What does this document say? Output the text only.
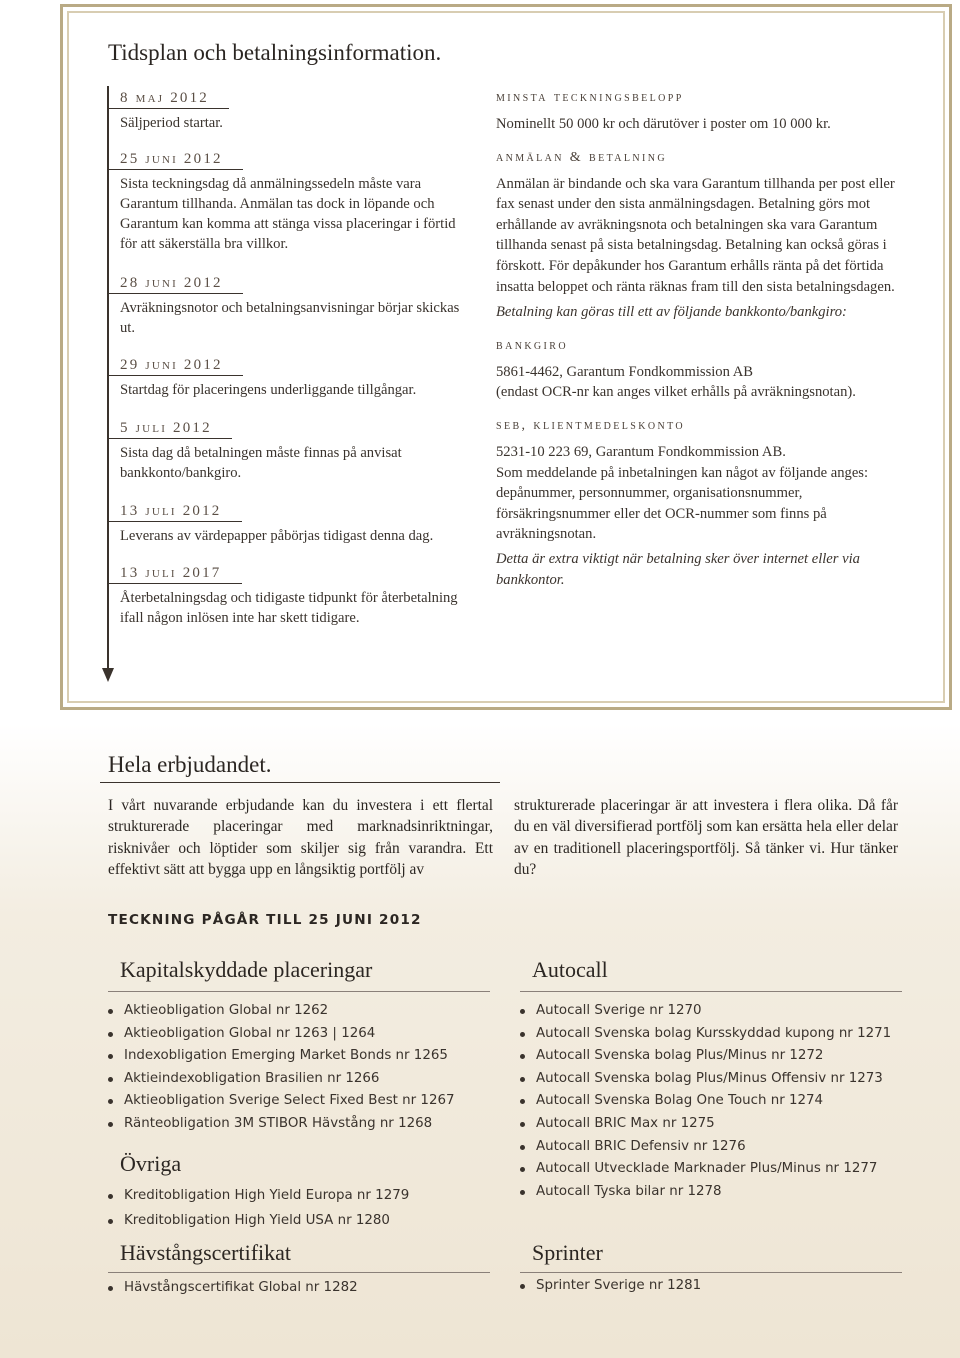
Tidsplan och betalningsinformation.
8 maj 2012
Säljperiod startar.
25 juni 2012
Sista teckningsdag då anmälningssedeln måste vara Garantum tillhanda. Anmälan tas dock in löpande och Garantum kan komma att stänga vissa placeringar i förtid för att säkerställa bra villkor.
28 juni 2012
Avräkningsnotor och betalningsanvisningar börjar skickas ut.
29 juni 2012
Startdag för placeringens underliggande tillgångar.
5 juli 2012
Sista dag då betalningen måste finnas på anvisat bankkonto/bankgiro.
13 juli 2012
Leverans av värdepapper påbörjas tidigast denna dag.
13 juli 2017
Återbetalningsdag och tidigaste tidpunkt för återbetalning ifall någon inlösen inte har skett tidigare.
minsta teckningsbelopp
Nominellt 50 000 kr och därutöver i poster om 10 000 kr.
anmälan & betalning
Anmälan är bindande och ska vara Garantum tillhanda per post eller fax senast under den sista anmälningsdagen. Betalning görs mot erhållande av avräkningsnota och betalningen ska vara Garantum tillhanda senast på sista betalningsdag. Betalning kan också göras i förskott. För depåkunder hos Garantum erhålls ränta på det förtida insatta beloppet och ränta räknas fram till den sista betalningsdagen.
Betalning kan göras till ett av följande bankkonto/bankgiro:
bankgiro
5861-4462, Garantum Fondkommission AB
(endast OCR-nr kan anges vilket erhålls på avräkningsnotan).
seb, klientmedelskonto
5231-10 223 69, Garantum Fondkommission AB.
Som meddelande på inbetalningen kan något av följande anges: depånummer, personnummer, organisationsnummer, försäkringsnummer eller det OCR-nummer som finns på avräkningsnotan.
Detta är extra viktigt när betalning sker över internet eller via bankkontor.
Hela erbjudandet.
I vårt nuvarande erbjudande kan du investera i ett flertal strukturerade placeringar med marknadsinriktningar, risknivåer och löptider som skiljer sig från varandra. Ett effektivt sätt att bygga upp en långsiktig portfölj av
strukturerade placeringar är att investera i flera olika. Då får du en väl diversifierad portfölj som kan ersätta hela eller delar av en traditionell placeringsportfölj. Så tänker vi. Hur tänker du?
TECKNING PÅGÅR TILL 25 JUNI 2012
Kapitalskyddade placeringar
Aktieobligation Global nr 1262
Aktieobligation Global nr 1263 | 1264
Indexobligation Emerging Market Bonds nr 1265
Aktieindexobligation Brasilien nr 1266
Aktieobligation Sverige Select Fixed Best nr 1267
Ränteobligation 3M STIBOR Hävstång nr 1268
Övriga
Kreditobligation High Yield Europa nr 1279
Kreditobligation High Yield USA nr 1280
Hävstångscertifikat
Hävstångscertifikat Global nr 1282
Autocall
Autocall Sverige nr 1270
Autocall Svenska bolag Kursskyddad kupong nr 1271
Autocall Svenska bolag Plus/Minus nr 1272
Autocall Svenska bolag Plus/Minus Offensiv nr 1273
Autocall Svenska Bolag One Touch nr 1274
Autocall BRIC Max nr 1275
Autocall BRIC Defensiv nr 1276
Autocall Utvecklade Marknader Plus/Minus nr 1277
Autocall Tyska bilar nr 1278
Sprinter
Sprinter Sverige nr 1281
